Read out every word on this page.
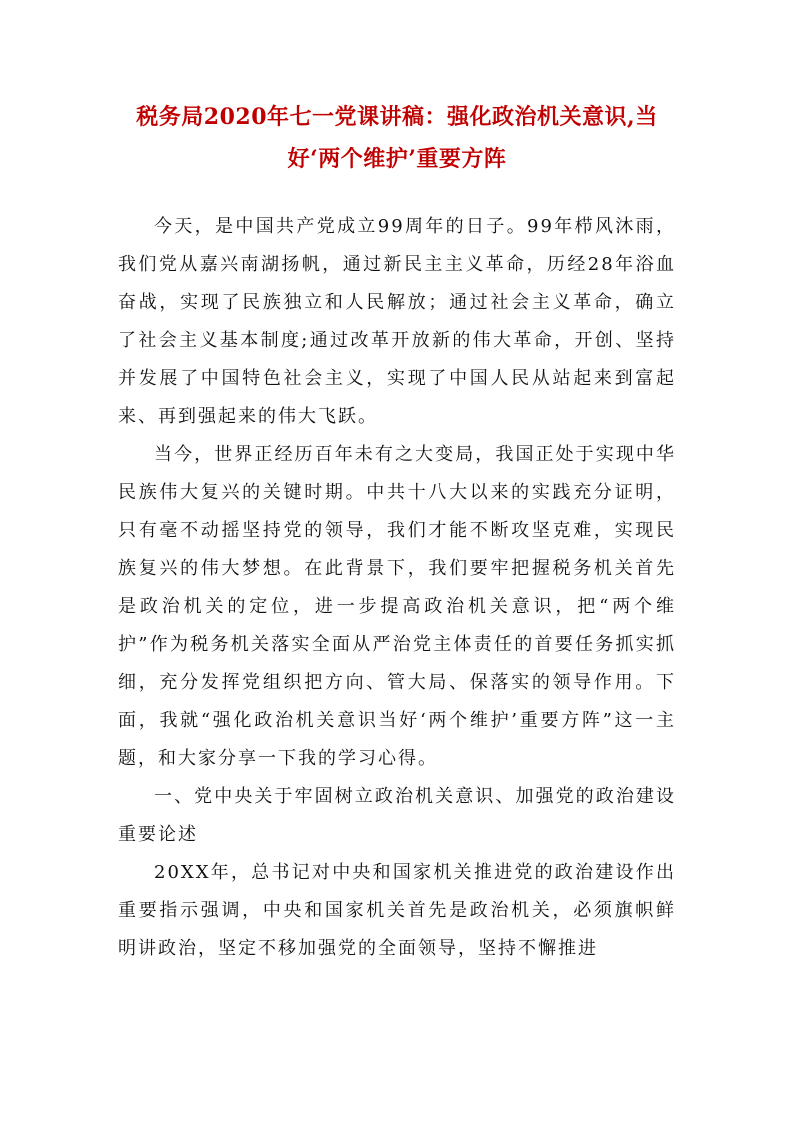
税务局2020年七一党课讲稿：强化政治机关意识,当好‘两个维护’重要方阵

今天，是中国共产党成立99周年的日子。99年栉风沐雨，我们党从嘉兴南湖扬帆，通过新民主主义革命，历经28年浴血奋战，实现了民族独立和人民解放；通过社会主义革命，确立了社会主义基本制度;通过改革开放新的伟大革命，开创、坚持并发展了中国特色社会主义，实现了中国人民从站起来到富起来、再到强起来的伟大飞跃。

当今，世界正经历百年未有之大变局，我国正处于实现中华民族伟大复兴的关键时期。中共十八大以来的实践充分证明，只有毫不动摇坚持党的领导，我们才能不断攻坚克难，实现民族复兴的伟大梦想。在此背景下，我们要牢把握税务机关首先是政治机关的定位，进一步提高政治机关意识，把“两个维护”作为税务机关落实全面从严治党主体责任的首要任务抓实抓细，充分发挥党组织把方向、管大局、保落实的领导作用。下面，我就“强化政治机关意识当好‘两个维护’重要方阵”这一主题，和大家分享一下我的学习心得。

一、党中央关于牢固树立政治机关意识、加强党的政治建设重要论述

20XX年，总书记对中央和国家机关推进党的政治建设作出重要指示强调，中央和国家机关首先是政治机关，必须旗帜鲜明讲政治，坚定不移加强党的全面领导，坚持不懈推进
